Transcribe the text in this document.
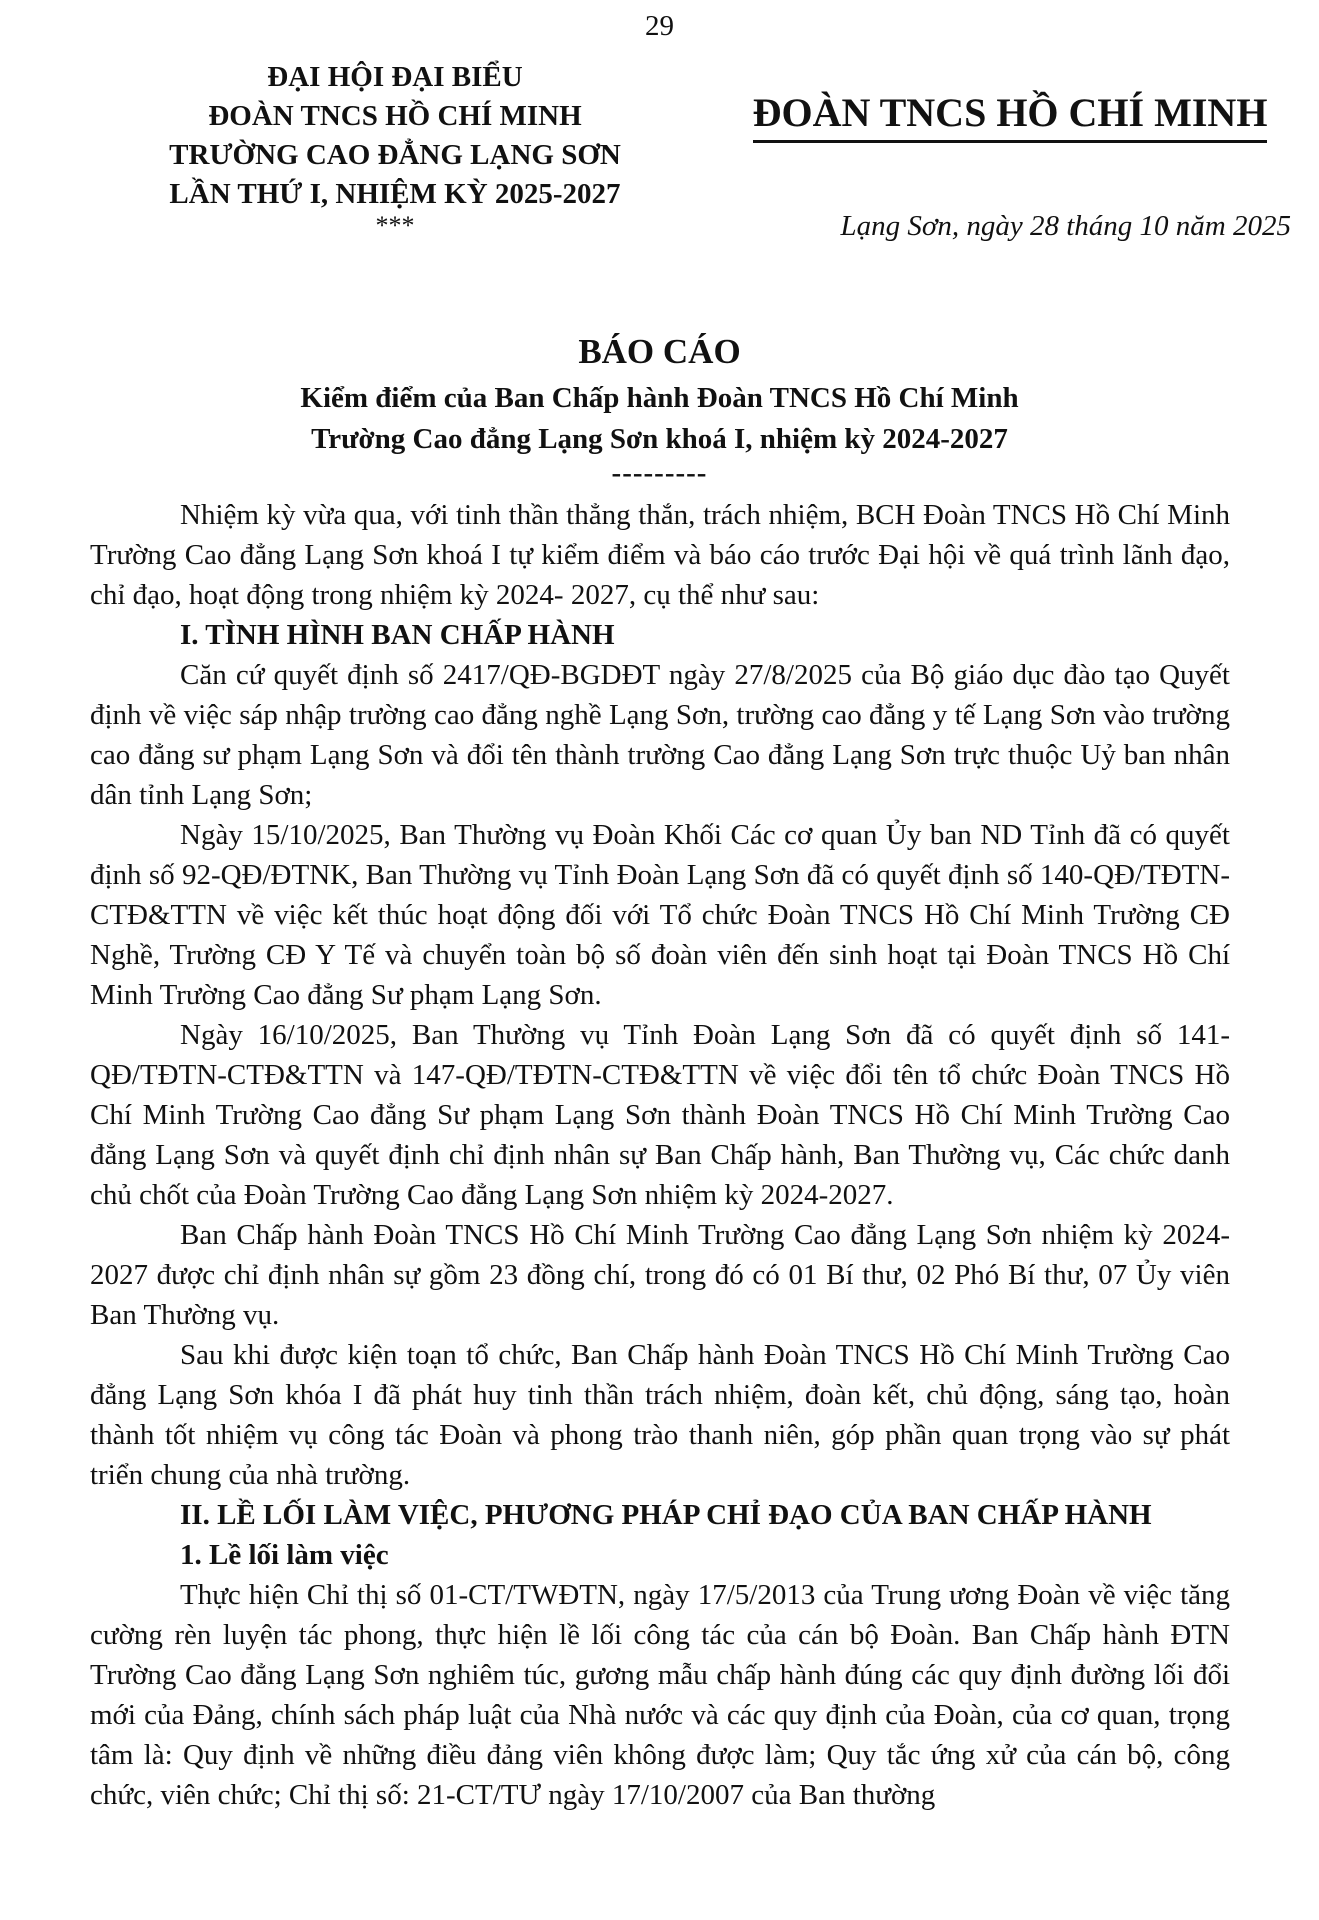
29
ĐẠI HỘI ĐẠI BIỂU
ĐOÀN TNCS HỒ CHÍ MINH
TRƯỜNG CAO ĐẲNG LẠNG SƠN
LẦN THỨ I, NHIỆM KỲ 2025-2027
***
ĐOÀN TNCS HỒ CHÍ MINH
Lạng Sơn, ngày 28 tháng 10 năm 2025
BÁO CÁO
Kiểm điểm của Ban Chấp hành Đoàn TNCS Hồ Chí Minh
Trường Cao đẳng Lạng Sơn khoá I, nhiệm kỳ 2024-2027
---------

Nhiệm kỳ vừa qua, với tinh thần thẳng thắn, trách nhiệm, BCH Đoàn TNCS Hồ Chí Minh Trường Cao đẳng Lạng Sơn khoá I tự kiểm điểm và báo cáo trước Đại hội về quá trình lãnh đạo, chỉ đạo, hoạt động trong nhiệm kỳ 2024- 2027, cụ thể như sau:

I. TÌNH HÌNH BAN CHẤP HÀNH

Căn cứ quyết định số 2417/QĐ-BGDĐT ngày 27/8/2025 của Bộ giáo dục đào tạo Quyết định về việc sáp nhập trường cao đẳng nghề Lạng Sơn, trường cao đẳng y tế Lạng Sơn vào trường cao đẳng sư phạm Lạng Sơn và đổi tên thành trường Cao đẳng Lạng Sơn trực thuộc Uỷ ban nhân dân tỉnh Lạng Sơn;

Ngày 15/10/2025, Ban Thường vụ Đoàn Khối Các cơ quan Ủy ban ND Tỉnh đã có quyết định số 92-QĐ/ĐTNK, Ban Thường vụ Tỉnh Đoàn Lạng Sơn đã có quyết định số 140-QĐ/TĐTN-CTĐ&TTN về việc kết thúc hoạt động đối với Tổ chức Đoàn TNCS Hồ Chí Minh Trường CĐ Nghề, Trường CĐ Y Tế và chuyển toàn bộ số đoàn viên đến sinh hoạt tại Đoàn TNCS Hồ Chí Minh Trường Cao đẳng Sư phạm Lạng Sơn.

Ngày 16/10/2025, Ban Thường vụ Tỉnh Đoàn Lạng Sơn đã có quyết định số 141-QĐ/TĐTN-CTĐ&TTN và 147-QĐ/TĐTN-CTĐ&TTN về việc đổi tên tổ chức Đoàn TNCS Hồ Chí Minh Trường Cao đẳng Sư phạm Lạng Sơn thành Đoàn TNCS Hồ Chí Minh Trường Cao đẳng Lạng Sơn và quyết định chỉ định nhân sự Ban Chấp hành, Ban Thường vụ, Các chức danh chủ chốt của Đoàn Trường Cao đẳng Lạng Sơn nhiệm kỳ 2024-2027.

Ban Chấp hành Đoàn TNCS Hồ Chí Minh Trường Cao đẳng Lạng Sơn nhiệm kỳ 2024-2027 được chỉ định nhân sự gồm 23 đồng chí, trong đó có 01 Bí thư, 02 Phó Bí thư, 07 Ủy viên Ban Thường vụ.

Sau khi được kiện toạn tổ chức, Ban Chấp hành Đoàn TNCS Hồ Chí Minh Trường Cao đẳng Lạng Sơn khóa I đã phát huy tinh thần trách nhiệm, đoàn kết, chủ động, sáng tạo, hoàn thành tốt nhiệm vụ công tác Đoàn và phong trào thanh niên, góp phần quan trọng vào sự phát triển chung của nhà trường.

II. LỀ LỐI LÀM VIỆC, PHƯƠNG PHÁP CHỈ ĐẠO CỦA BAN CHẤP HÀNH
1. Lề lối làm việc

Thực hiện Chỉ thị số 01-CT/TWĐTN, ngày 17/5/2013 của Trung ương Đoàn về việc tăng cường rèn luyện tác phong, thực hiện lề lối công tác của cán bộ Đoàn. Ban Chấp hành ĐTN Trường Cao đẳng Lạng Sơn nghiêm túc, gương mẫu chấp hành đúng các quy định đường lối đổi mới của Đảng, chính sách pháp luật của Nhà nước và các quy định của Đoàn, của cơ quan, trọng tâm là: Quy định về những điều đảng viên không được làm; Quy tắc ứng xử của cán bộ, công chức, viên chức; Chỉ thị số: 21-CT/TƯ ngày 17/10/2007 của Ban thường
